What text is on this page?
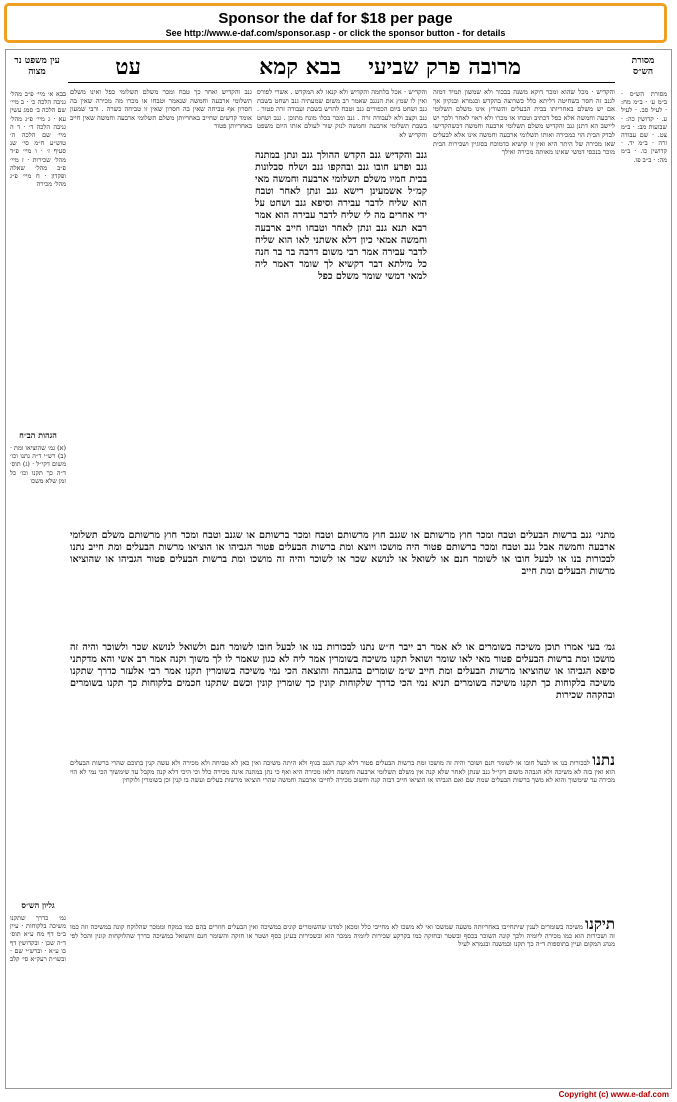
Sponsor the daf for $18 per page
See http://www.e-daf.com/sponsor.asp - or click the sponsor button - for details
מרובה פרק שביעי
בבא קמא
עט	מסורת הש״ס
עין משפט נר מצוה
מסורת הש״ס · ב״מ ע׳ · ב״מ מח: · לעיל סב. · לעיל ע. · קדושין כה: · שבועות מב: · ב״מ צט. · שם עבודה זרה · ב״מ יד. · קדושין כו. · ב״מ מה: · ב״ב פו.
בבא א׳ מיי׳ פ״ב מהל׳ גניבה הלכה כ׳ · ב מיי׳ שם הלכה ב׳ סמג עשין עא · ג מיי׳ פ״ג מהל׳ גניבה הלכה ד׳ · ד ה מיי׳ שם הלכה ה׳ טוש״ע ח״מ סי׳ שנ סעיף ז׳ · ו מיי׳ פ״ד מהל׳ שכירות · ז מיי׳ פ״ב מהל׳ שאלה ופקדון · ח מיי׳ פ״ג מהל׳ מכירה
הגהות הב״ח
(א) גמ׳ שהוציאו ומת · (ב) רש״י ד״ה נתנו וכו׳ משום דקי״ל · (ג) תוס׳ ד״ה כך תקנו וכו׳ כל זמן שלא משכו
גליון הש״ס
גמ׳ כדרך שתקנו משיכה בלקוחות · עיין ב״מ דף מח ע״א תוס׳ ד״ה שכן · ובקדושין דף כו ע״א · וברש״י שם · ובשו״ת רעק״א סי׳ קלב
והקדיש · מכל שהוא ומכר דוקא משנה בבכור ולא שמשון תמיד דמזה לגנב זה חסר בשחיטה דליתא כלל כשרוצה בהקדש ובגמרא ובנקיון אך אם יש משלם באחריותו בבית הבעלים והשורץ אינו משלם תשלומי ארבעה וחמשה אלא כפל דכתיב וטבחו או מכרו ולא ראוי לאחר ולכך יש ליישב הא דתנן גנב והקדיש משלם תשלומי ארבעה וחמשה דכשהקדישו לבדק הבית הוי כמכירה ואותו תשלומי ארבעה וחמשה אינו אלא לבעלים שאז מכירה של היתר היא ואין זו קושיא כדמוכח בסוגיין ושכירות הבית מוכר בנכסי דמשי שאינו מאותה מכירה ואילך
גנב והקדיש ואחר כך טבח ומכר משלם תשלומי כפל ואינו משלם תשלומי ארבעה וחמשה שנאמר וטבחו או מכרו מה מכירה שאין בה חסרון אף טביחה שאין בה חסרון שאין זו טביחה כשרה . ורבי שמעון אומר קדשים שחייב באחריותן משלם תשלומי ארבעה וחמשה שאין חייב באחריותן פטור
והקדיש · אכל בלחמה והקדיש ולא קנאו לא המקדש . אשרי לפורס ואין לו שמץ את הנגנב שאמר רב משום שמעתיה גנב ושחט בשבת גנב ושחט ביום הכפורים גנב וטבח להרש בשבת ועבודה זרה פטור . גנב וקצב ולא לעבודה זרה . גנב ומכר בכלו מונח מתוכן . גנב ושחט בשבת תשלומי ארבעה וחמשה לנזק שור לעולם אותו היום משפט והקדיש לא
גנב והקדיש גנב הקדש ההולך גנב ונתן במתנה גנב ופרע חובו גנב ובהקפו גנב ושלח סבלונות בבית חמיו משלם תשלומי ארבעה וחמשה מאי קמ״ל אשמעינן רישא גנב ונתן לאחר וטבח הוא שליח לדבר עבירה וסיפא גנב ושחט על ידי אחרים מה לי שליח לדבר עבירה הוא אמר רבא תנא גנב ונתן לאחר וטבחו חייב ארבעה וחמשה אמאי כיון דלא אשתני לאו הוא שליח לדבר עבירה אמר רבי משום דרבה בר בר חנה כל מילתא דבר דקשיא לך שומר דאמר ליה למאי דמשי שומר משלם כפל
מתני׳ גנב ברשות הבעלים וטבח ומכר חוץ מרשותם או שגנב חוץ מרשותם וטבח ומכר ברשותם או שגנב וטבח ומכר חוץ מרשותם משלם תשלומי ארבעה וחמשה אבל גנב וטבח ומכר ברשותם פטור היה מושכו ויוצא ומת ברשות הבעלים פטור הגביהו או הוציאו מרשות הבעלים ומת חייב נתנו לבכורות בנו או לבעל חובו או לשומר חנם או לשואל או לנושא שכר או לשוכר והיה זה מושכו ומת ברשות הבעלים פטור הגביהו או שהוציאו מרשות הבעלים ומת חייב
גמ׳ בעי אמרו תוכן משיכה בשומרים או לא אמר רב ייבר ח״ש נתנו לבכורות בנו או לבעל חובו לשומר חנם ולשואל לנושא שכר ולשוכר והיה זה מושכו ומת ברשות הבעלים פטור מאי לאו שומר ושואל תקנו משיכה בשומרין אמר ליה לא כגון שאמר לו לך משוך וקנה אמר רב אשי והא מדקתני סיפא הגביהו או שהוציאו מרשות הבעלים ומת חייב ש״מ שומרים בהגבהה והוצאה הכי נמי משיכה בשומרין תקנו אמר רבי אלעזר כדרך שתקנו משיכה בלקוחות כך תקנו משיכה בשומרים תניא נמי הכי כדרך שלקוחות קונין כך שומרין קונין וכשם שתקנו חכמים בלקוחות כך תקנו בשומרים ובהקהה שכירות
נתנו לבכורות בנו או לבעל חובו או לשומר חנם ושוכר והיה זה מושכו ומת ברשות הבעלים פטור דלא קנה הגנב בגוף ולא היתה משיכה ואין כאן לא טביחה ולא מכירה ולא עשה קנין בתוכם שהרי ברשות הבעלים הוא ואין בזה לא משיכה ולא הגבהה משום דקי״ל גנב שנתן לאחר שלא קנה אין משלם תשלומי ארבעה וחמשה דלאו מכירה היא ואף כי נתן במתנה אינה מכירה כלל וכי היכי דלא קנה מקבל עד שימשוך הכי נמי לא הוי מכירה עד שימשוך והוא לא משך ברשות הבעלים שמת שם ואם הגביהו או הוציאו חייב דבזה קנה וחשוב מכירה לחייבו ארבעה וחמשה שהרי הוציאו מרשות בעלים ועשה בו קנין וכן בשומרין ולוקחין
תיקנו משיכה בשומרים לענין שיתחייבו באחריותה משעה שמשכו ואי לא משכו לא מחייבי כלל ומכאן למדנו שהשומרים קונים במשיכה ואין הבעלים חוזרים בהם כמו במקח וממכר שהלוקח קונה במשיכה וזה כמו זה ושכירות הוא כמו מכירה ליומיה ולכך קונה השוכר בכסף ובשטר ובחזקה כמו בקרקע שכירות ליומיה ממכר הוא ובשכירות בעינן כסף ושטר או חזקה והשומר חנם והשואל במשיכה כדרך שהלוקחות קונין והכל לפי מנהג המקום ועיין בתוספות ד״ה כך תקנו ובמשנה ובגמרא לעיל
Copyright (c) www.e-daf.com
